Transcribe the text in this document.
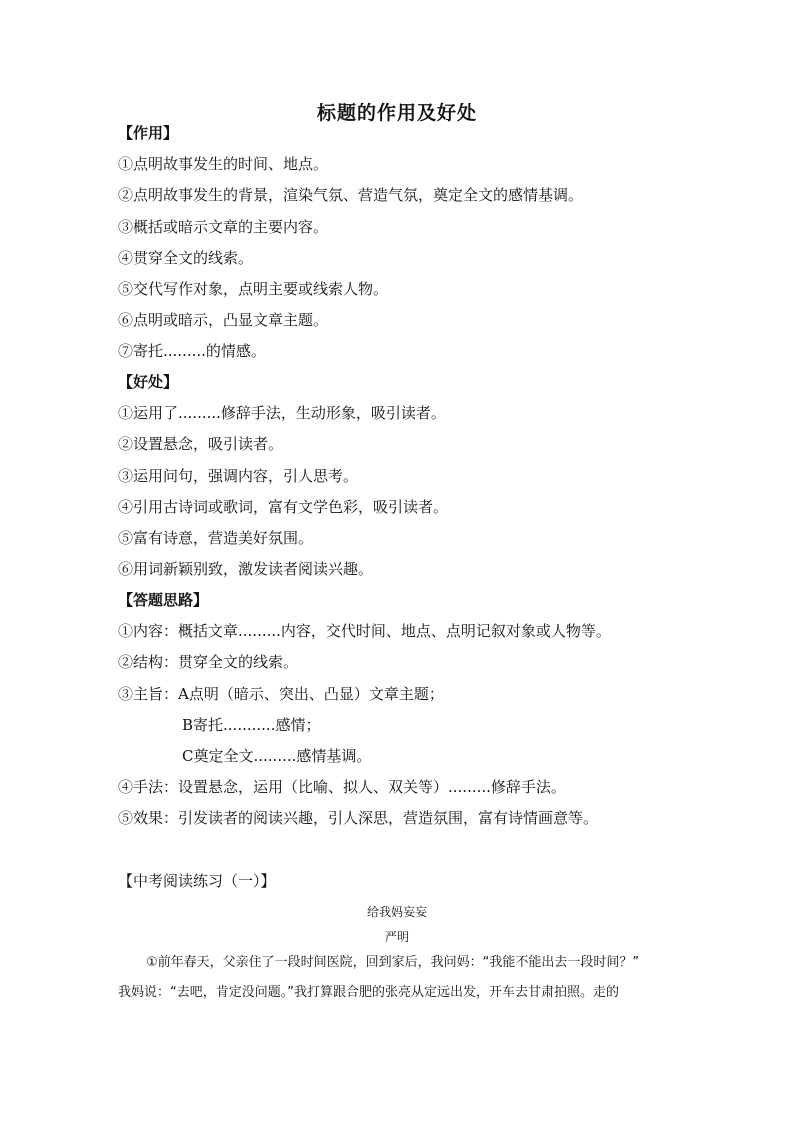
标题的作用及好处
【作用】
①点明故事发生的时间、地点。
②点明故事发生的背景，渲染气氛、营造气氛，奠定全文的感情基调。
③概括或暗示文章的主要内容。
④贯穿全文的线索。
⑤交代写作对象，点明主要或线索人物。
⑥点明或暗示，凸显文章主题。
⑦寄托.........的情感。
【好处】
①运用了.........修辞手法，生动形象，吸引读者。
②设置悬念，吸引读者。
③运用问句，强调内容，引人思考。
④引用古诗词或歌词，富有文学色彩，吸引读者。
⑤富有诗意，营造美好氛围。
⑥用词新颖别致，激发读者阅读兴趣。
【答题思路】
①内容：概括文章.........内容，交代时间、地点、点明记叙对象或人物等。
②结构：贯穿全文的线索。
③主旨：A点明（暗示、突出、凸显）文章主题；
B寄托...........感情；
C奠定全文.........感情基调。
④手法：设置悬念，运用（比喻、拟人、双关等）.........修辞手法。
⑤效果：引发读者的阅读兴趣，引人深思，营造氛围，富有诗情画意等。
【中考阅读练习（一）】
给我妈妄妄
严明
①前年春天，父亲住了一段时间医院，回到家后，我问妈：“我能不能出去一段时间？”
我妈说：“去吧，肯定没问题。”我打算跟合肥的张亮从定远出发，开车去甘肃拍照。走的
